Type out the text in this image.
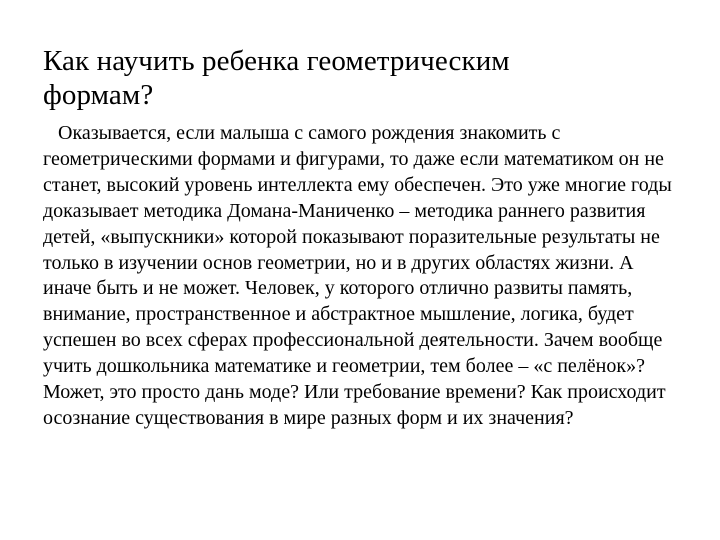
Как научить ребенка геометрическим формам?

Оказывается, если малыша с самого рождения знакомить с геометрическими формами и фигурами, то даже если математиком он не станет, высокий уровень интеллекта ему обеспечен. Это уже многие годы доказывает методика Домана-Маниченко – методика раннего развития детей, «выпускники» которой показывают поразительные результаты не только в изучении основ геометрии, но и в других областях жизни. А иначе быть и не может. Человек, у которого отлично развиты память, внимание, пространственное и абстрактное мышление, логика, будет успешен во всех сферах профессиональной деятельности. Зачем вообще учить дошкольника математике и геометрии, тем более – «с пелёнок»? Может, это просто дань моде? Или требование времени? Как происходит осознание существования в мире разных форм и их значения?
